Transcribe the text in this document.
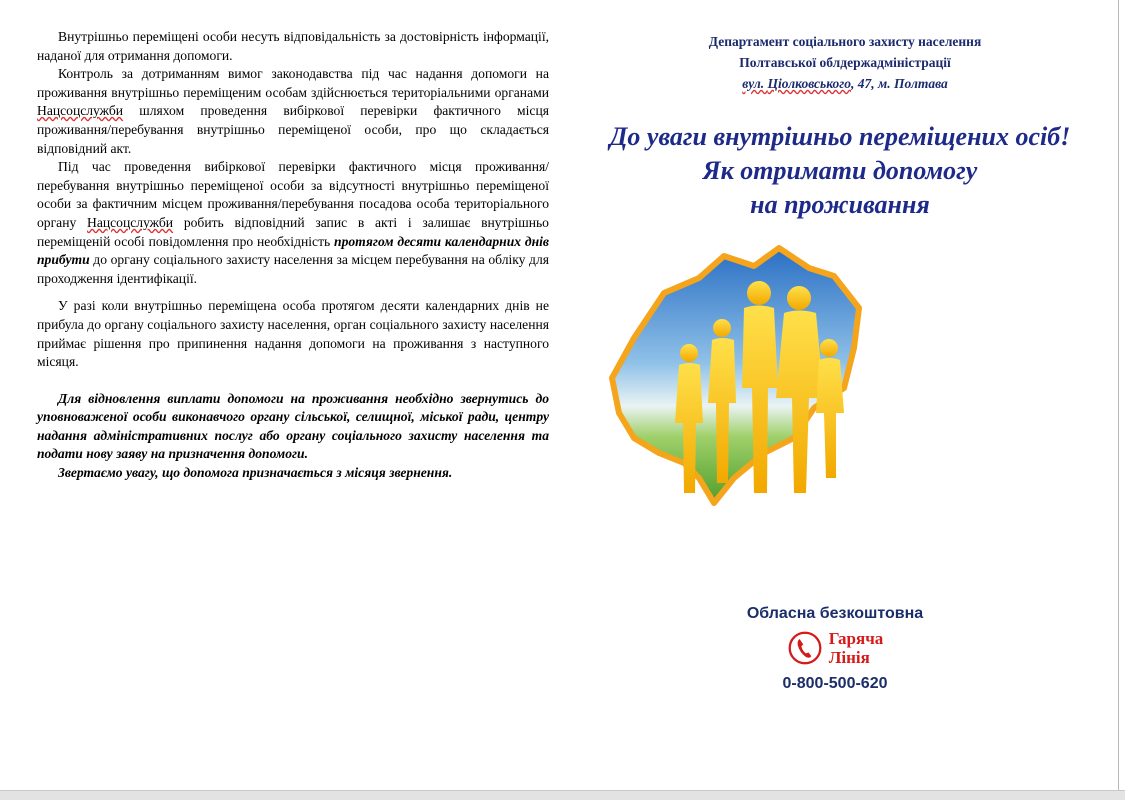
Внутрішньо переміщені особи несуть відповідальність за достовірність інформації, наданої для отримання допомоги.

Контроль за дотриманням вимог законодавства під час надання допомоги на проживання внутрішньо переміщеним особам здійснюється територіальними органами Нацсоцслужби шляхом проведення вибіркової перевірки фактичного місця проживання/перебування внутрішньо переміщеної особи, про що складається відповідний акт.

Під час проведення вибіркової перевірки фактичного місця проживання/перебування внутрішньо переміщеної особи за відсутності внутрішньо переміщеної особи за фактичним місцем проживання/перебування посадова особа територіального органу Нацсоцслужби робить відповідний запис в акті і залишає внутрішньо переміщеній особі повідомлення про необхідність протягом десяти календарних днів прибути до органу соціального захисту населення за місцем перебування на обліку для проходження ідентифікації.

У разі коли внутрішньо переміщена особа протягом десяти календарних днів не прибула до органу соціального захисту населення, орган соціального захисту населення приймає рішення про припинення надання допомоги на проживання з наступного місяця.

Для відновлення виплати допомоги на проживання необхідно звернутись до уповноваженої особи виконавчого органу сільської, селищної, міської ради, центру надання адміністративних послуг або органу соціального захисту населення та подати нову заяву на призначення допомоги.

Звертаємо увагу, що допомога призначається з місяця звернення.

Департамент соціального захисту населення
Полтавської облдержадміністрації
вул. Ціолковського, 47, м. Полтава
До уваги внутрішньо переміщених осіб!
Як отримати допомогу
на проживання
Обласна безкоштовна
Гаряча
Лінія
0-800-500-620
